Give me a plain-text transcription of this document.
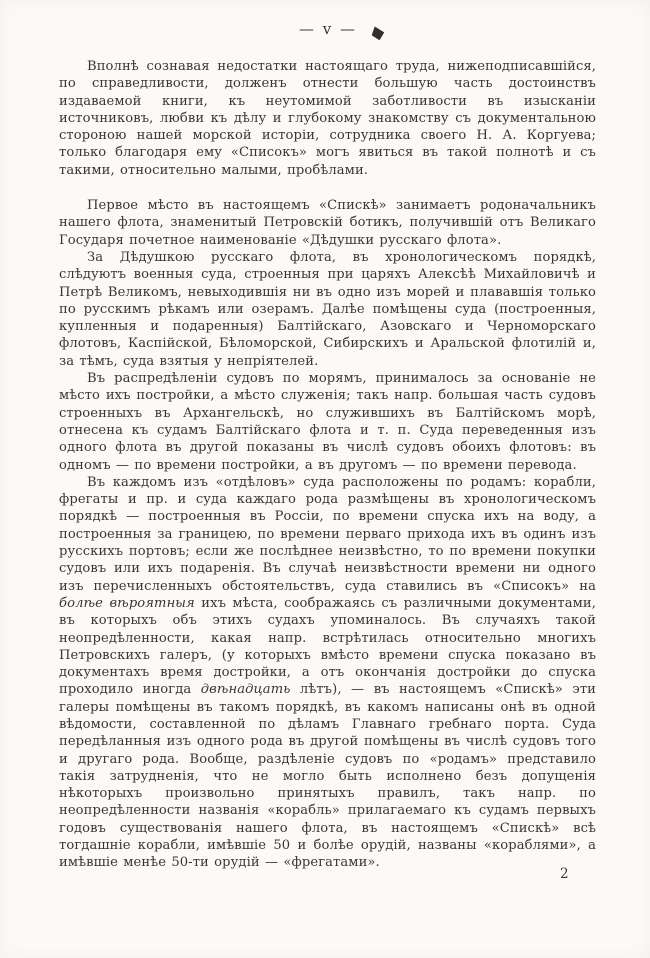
— v —

Вполнѣ сознавая недостатки настоящаго труда, нижеподписавшійся, по справедливости, долженъ отнести большую часть достоинствъ издаваемой книги, къ неутомимой заботливости въ изысканіи источниковъ, любви къ дѣлу и глубокому знакомству съ документальною стороною нашей морской исторіи, сотрудника своего Н. А. Коргуева; только благодаря ему «Списокъ» могъ явиться въ такой полнотѣ и съ такими, относительно малыми, пробѣлами.

Первое мѣсто въ настоящемъ «Спискѣ» занимаетъ родоначальникъ нашего флота, знаменитый Петровскій ботикъ, получившій отъ Великаго Государя почетное наименованіе «Дѣдушки русскаго флота».

За Дѣдушкою русскаго флота, въ хронологическомъ порядкѣ, слѣдуютъ военныя суда, строенныя при царяхъ Алексѣѣ Михайловичѣ и Петрѣ Великомъ, невыходившія ни въ одно изъ морей и плававшія только по русскимъ рѣкамъ или озерамъ. Далѣе помѣщены суда (построенныя, купленныя и подаренныя) Балтійскаго, Азовскаго и Черноморскаго флотовъ, Каспійской, Бѣломорской, Сибирскихъ и Аральской флотилій и, за тѣмъ, суда взятыя у непріятелей.

Въ распредѣленіи судовъ по морямъ, принималось за основаніе не мѣсто ихъ постройки, а мѣсто служенія; такъ напр. большая часть судовъ строенныхъ въ Архангельскѣ, но служившихъ въ Балтійскомъ морѣ, отнесена къ судамъ Балтійскаго флота и т. п. Суда переведенныя изъ одного флота въ другой показаны въ числѣ судовъ обоихъ флотовъ: въ одномъ — по времени постройки, а въ другомъ — по времени перевода.

Въ каждомъ изъ «отдѣловъ» суда расположены по родамъ: корабли, фрегаты и пр. и суда каждаго рода размѣщены въ хронологическомъ порядкѣ — построенныя въ Россіи, по времени спуска ихъ на воду, а построенныя за границею, по времени перваго прихода ихъ въ одинъ изъ русскихъ портовъ; если же послѣднее неизвѣстно, то по времени покупки судовъ или ихъ подаренія. Въ случаѣ неизвѣстности времени ни одного изъ перечисленныхъ обстоятельствъ, суда ставились въ «Списокъ» на болѣе вѣроятныя ихъ мѣста, соображаясь съ различными документами, въ которыхъ объ этихъ судахъ упоминалось. Въ случаяхъ такой неопредѣленности, какая напр. встрѣтилась относительно многихъ Петровскихъ галеръ, (у которыхъ вмѣсто времени спуска показано въ документахъ время достройки, а отъ окончанія достройки до спуска проходило иногда двѣнадцать лѣтъ), — въ настоящемъ «Спискѣ» эти галеры помѣщены въ такомъ порядкѣ, въ какомъ написаны онѣ въ одной вѣдомости, составленной по дѣламъ Главнаго гребнаго порта. Суда передѣланныя изъ одного рода въ другой помѣщены въ числѣ судовъ того и другаго рода. Вообще, раздѣленіе судовъ по «родамъ» представило такія затрудненія, что не могло быть исполнено безъ допущенія нѣкоторыхъ произвольно принятыхъ правилъ, такъ напр. по неопредѣленности названія «корабль» прилагаемаго къ судамъ первыхъ годовъ существованія нашего флота, въ настоящемъ «Спискѣ» всѣ тогдашніе корабли, имѣвшіе 50 и болѣе орудій, названы «кораблями», а имѣвшіе менѣе 50-ти орудій — «фрегатами».

2
